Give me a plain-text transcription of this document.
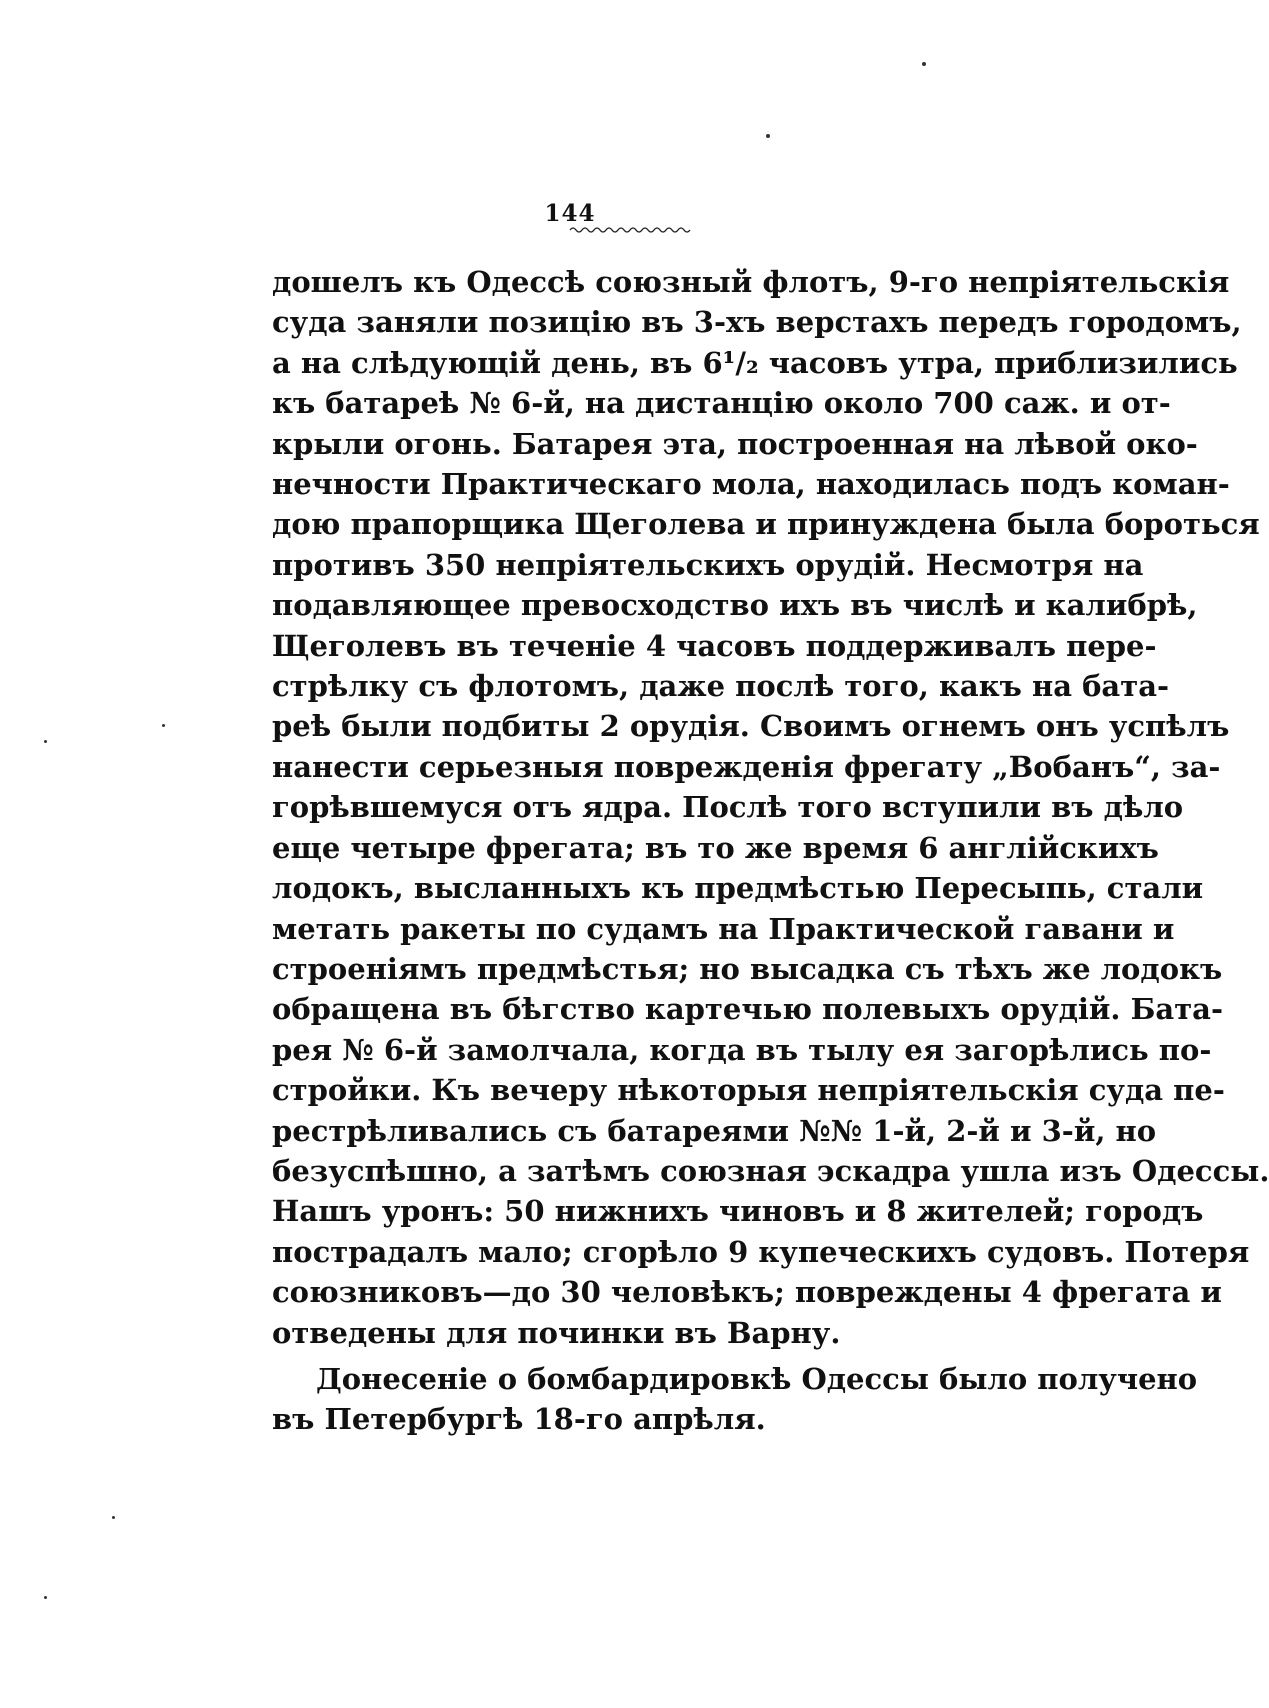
144
дошелъ къ Одессѣ союзный флотъ, 9-го непріятельскія
суда заняли позицію въ 3-хъ верстахъ передъ городомъ,
а на слѣдующій день, въ 6¹/₂ часовъ утра, приблизились
къ батареѣ № 6-й, на дистанцію около 700 саж. и от-
крыли огонь. Батарея эта, построенная на лѣвой око-
нечности Практическаго мола, находилась подъ коман-
дою прапорщика Щеголева и принуждена была бороться
противъ 350 непріятельскихъ орудій. Несмотря на
подавляющее превосходство ихъ въ числѣ и калибрѣ,
Щеголевъ въ теченіе 4 часовъ поддерживалъ пере-
стрѣлку съ флотомъ, даже послѣ того, какъ на бата-
реѣ были подбиты 2 орудія. Своимъ огнемъ онъ успѣлъ
нанести серьезныя поврежденія фрегату „Вобанъ“, за-
горѣвшемуся отъ ядра. Послѣ того вступили въ дѣло
еще четыре фрегата; въ то же время 6 англійскихъ
лодокъ, высланныхъ къ предмѣстью Пересыпь, стали
метать ракеты по судамъ на Практической гавани и
строеніямъ предмѣстья; но высадка съ тѣхъ же лодокъ
обращена въ бѣгство картечью полевыхъ орудій. Бата-
рея № 6-й замолчала, когда въ тылу ея загорѣлись по-
стройки. Къ вечеру нѣкоторыя непріятельскія суда пе-
рестрѣливались съ батареями №№ 1-й, 2-й и 3-й, но
безуспѣшно, а затѣмъ союзная эскадра ушла изъ Одессы.
Нашъ уронъ: 50 нижнихъ чиновъ и 8 жителей; городъ
пострадалъ мало; сгорѣло 9 купеческихъ судовъ. Потеря
союзниковъ—до 30 человѣкъ; повреждены 4 фрегата и
отведены для починки въ Варну.
Донесеніе о бомбардировкѣ Одессы было получено
въ Петербургѣ 18-го апрѣля.
